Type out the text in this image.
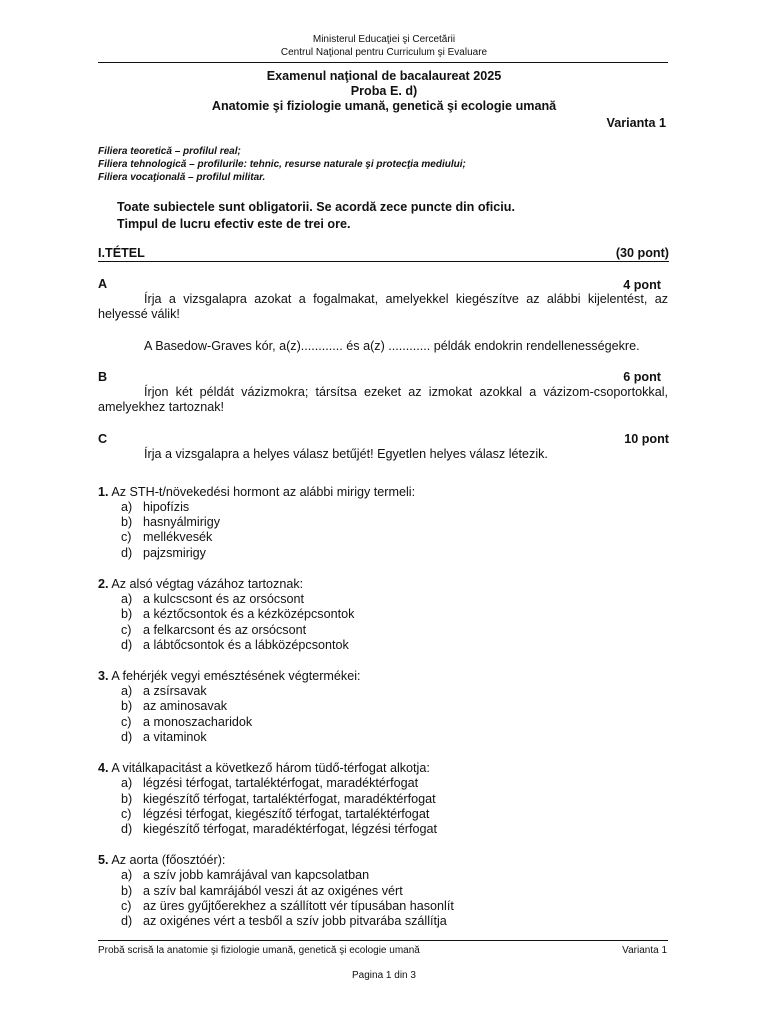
Ministerul Educaţiei şi Cercetării
Centrul Naţional pentru Curriculum şi Evaluare
Examenul naţional de bacalaureat 2025
Proba E. d)
Anatomie şi fiziologie umană, genetică şi ecologie umană
Varianta 1
Filiera teoretică – profilul real;
Filiera tehnologică – profilurile: tehnic, resurse naturale şi protecţia mediului;
Filiera vocaţională – profilul militar.
Toate subiectele sunt obligatorii. Se acordă zece puncte din oficiu.
Timpul de lucru efectiv este de trei ore.
I.TÉTEL	(30 pont)
A	4 pont
Írja a vizsgalapra azokat a fogalmakat, amelyekkel kiegészítve az alábbi kijelentést, az helyessé válik!
A Basedow-Graves kór, a(z)............ és a(z) ............ példák endokrin rendellenességekre.
B	6 pont
Írjon két példát vázizmokra; társítsa ezeket az izmokat azokkal a vázizom-csoportokkal, amelyekhez tartoznak!
C	10 pont
Írja a vizsgalapra a helyes válasz betűjét! Egyetlen helyes válasz létezik.
1. Az STH-t/növekedési hormont az alábbi mirigy termeli:
a) hipofízis
b) hasnyálmirigy
c) mellékvesék
d) pajzsmirigy
2. Az alsó végtag vázához tartoznak:
a) a kulcscsont és az orsócsont
b) a kéztőcsontok és a kézközépcsontok
c) a felkarcsont és az orsócsont
d) a lábtőcsontok és a lábközépcsontok
3. A fehérjék vegyi emésztésének végtermékei:
a) a zsírsavak
b) az aminosavak
c) a monoszacharidok
d) a vitaminok
4. A vitálkapacitást a következő három tüdő-térfogat alkotja:
a) légzési térfogat, tartaléktérfogat, maradéktérfogat
b) kiegészítő térfogat, tartaléktérfogat, maradéktérfogat
c) légzési térfogat, kiegészítő térfogat, tartaléktérfogat
d) kiegészítő térfogat, maradéktérfogat, légzési térfogat
5. Az aorta (főosztóér):
a) a szív jobb kamrájával van kapcsolatban
b) a szív bal kamrájából veszi át az oxigénes vért
c) az üres gyűjtőerekhez a szállított vér típusában hasonlít
d) az oxigénes vért a tesből a szív jobb pitvarába szállítja
Probă scrisă la anatomie şi fiziologie umană, genetică şi ecologie umană	Varianta 1
Pagina 1 din 3
